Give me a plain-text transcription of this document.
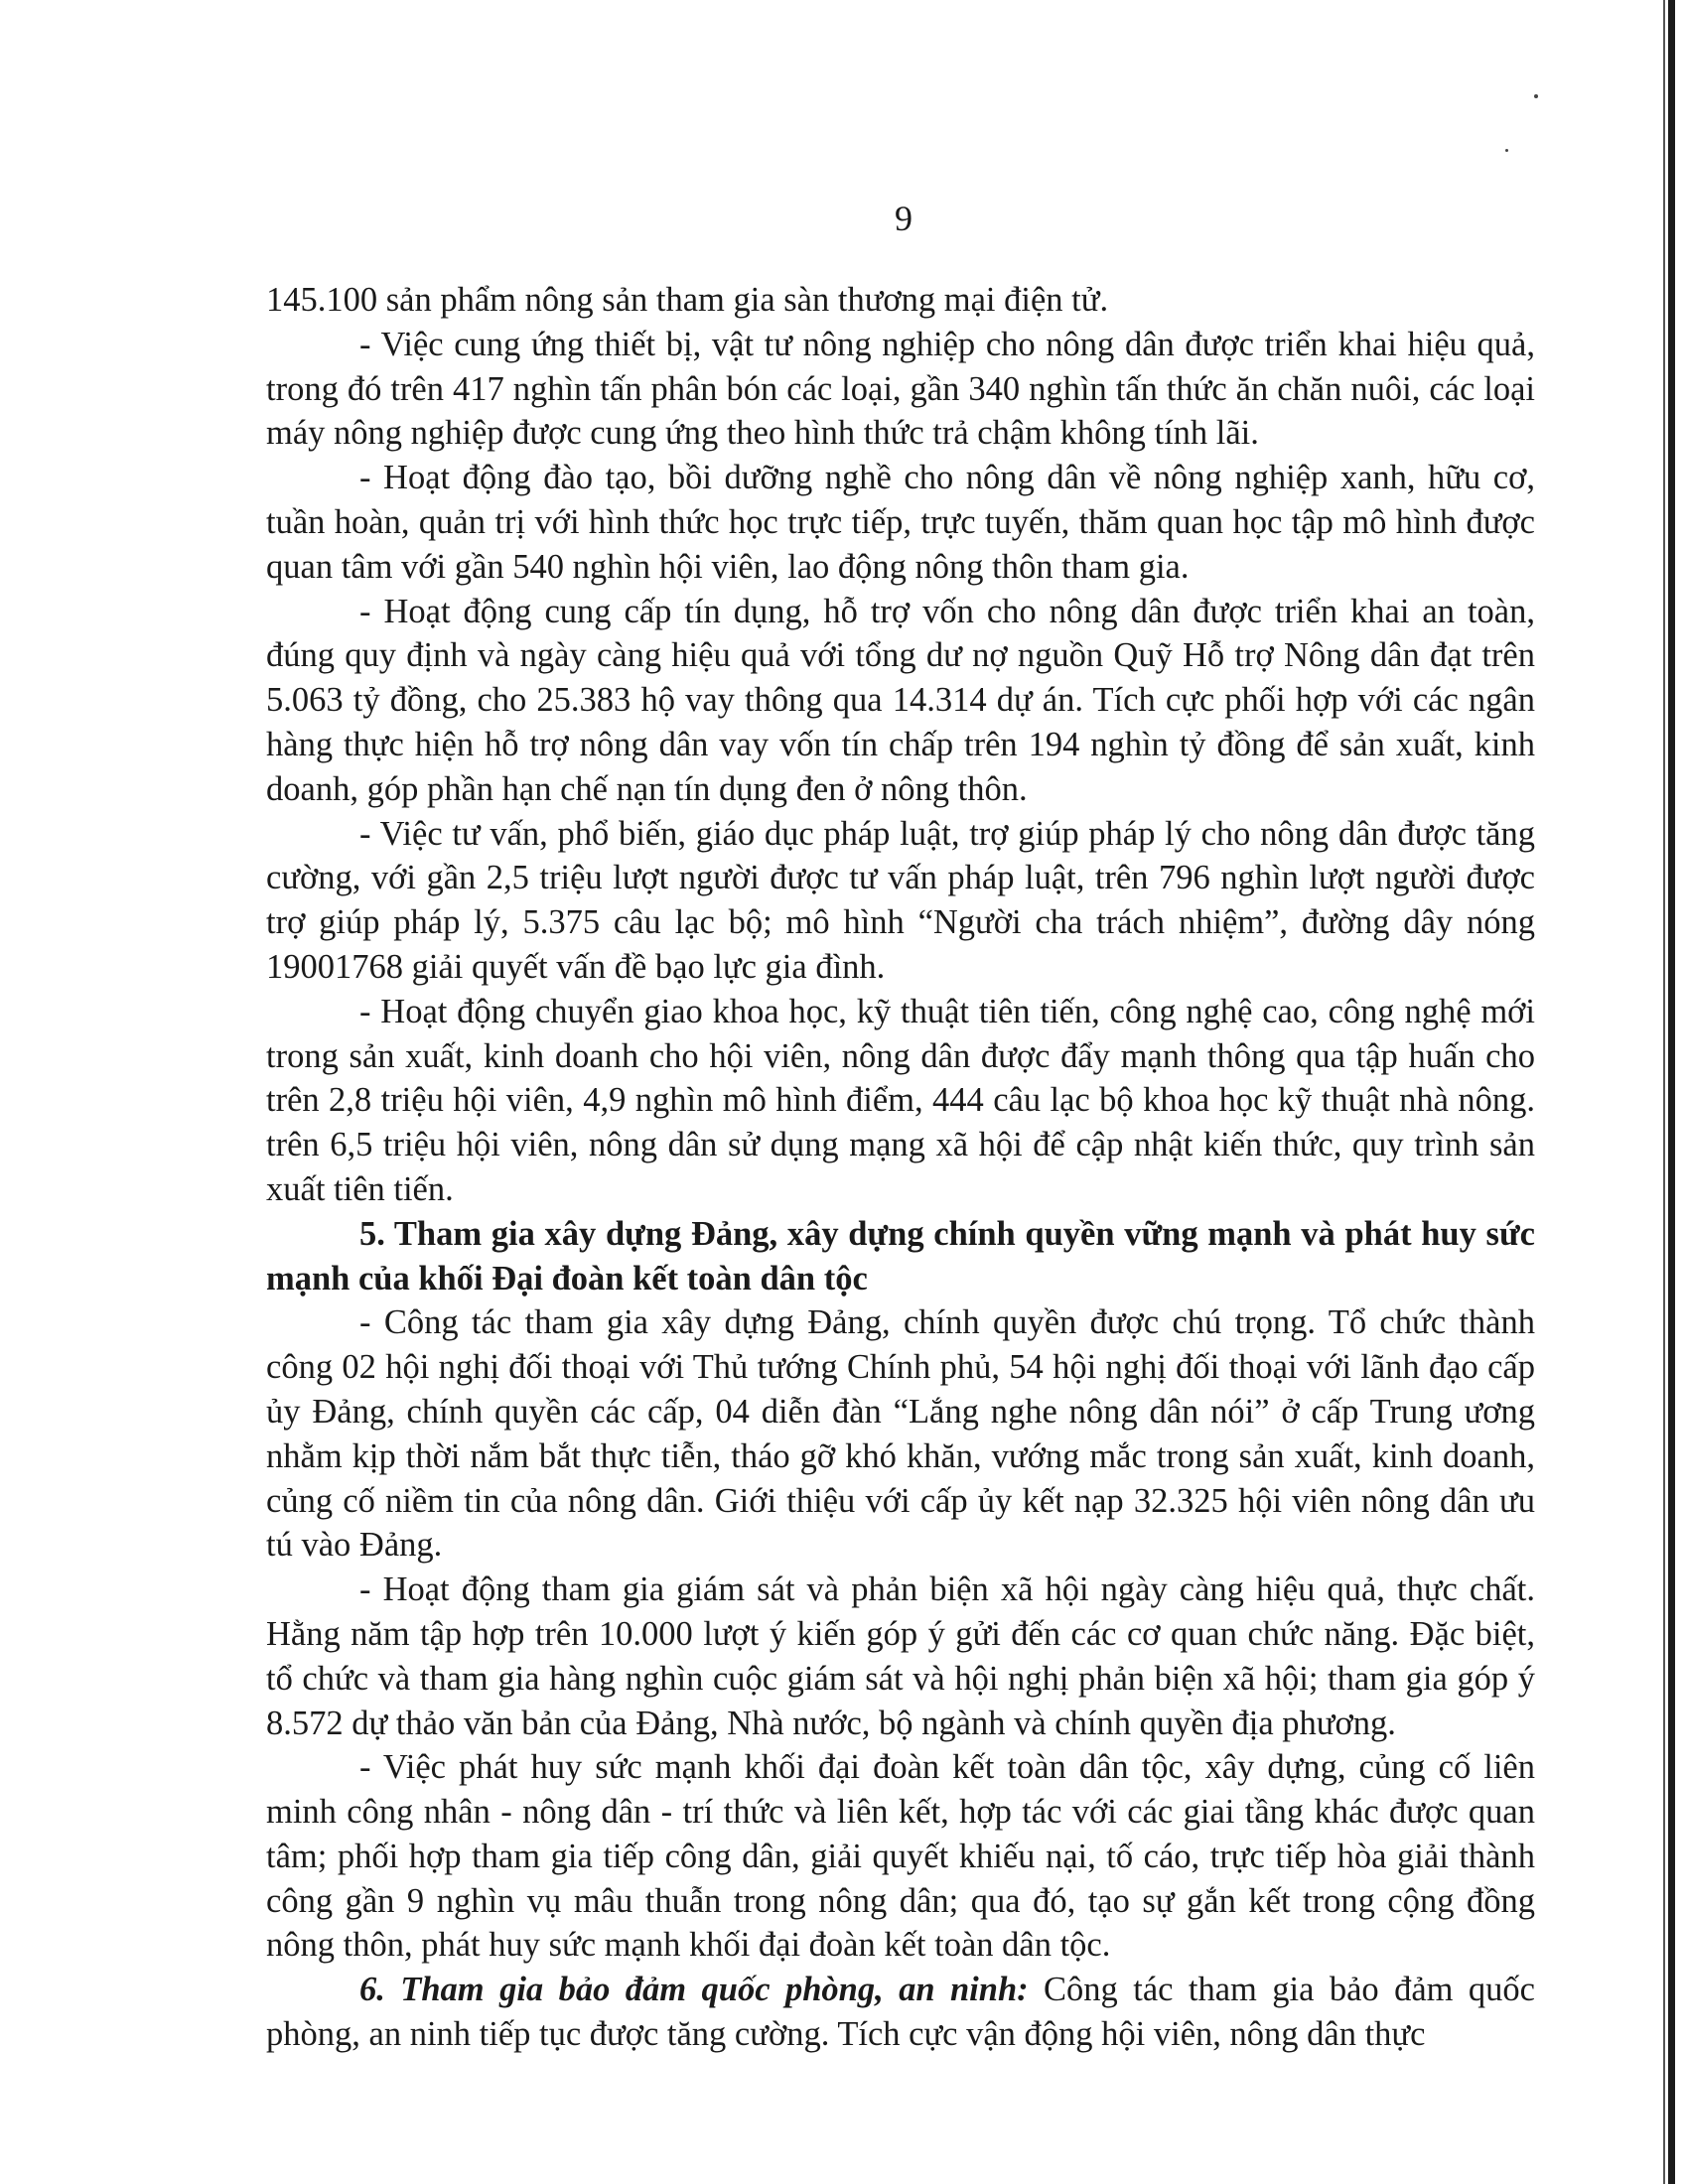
9

145.100 sản phẩm nông sản tham gia sàn thương mại điện tử.

- Việc cung ứng thiết bị, vật tư nông nghiệp cho nông dân được triển khai hiệu quả, trong đó trên 417 nghìn tấn phân bón các loại, gần 340 nghìn tấn thức ăn chăn nuôi, các loại máy nông nghiệp được cung ứng theo hình thức trả chậm không tính lãi.

- Hoạt động đào tạo, bồi dưỡng nghề cho nông dân về nông nghiệp xanh, hữu cơ, tuần hoàn, quản trị với hình thức học trực tiếp, trực tuyến, thăm quan học tập mô hình được quan tâm với gần 540 nghìn hội viên, lao động nông thôn tham gia.

- Hoạt động cung cấp tín dụng, hỗ trợ vốn cho nông dân được triển khai an toàn, đúng quy định và ngày càng hiệu quả với tổng dư nợ nguồn Quỹ Hỗ trợ Nông dân đạt trên 5.063 tỷ đồng, cho 25.383 hộ vay thông qua 14.314 dự án. Tích cực phối hợp với các ngân hàng thực hiện hỗ trợ nông dân vay vốn tín chấp trên 194 nghìn tỷ đồng để sản xuất, kinh doanh, góp phần hạn chế nạn tín dụng đen ở nông thôn.

- Việc tư vấn, phổ biến, giáo dục pháp luật, trợ giúp pháp lý cho nông dân được tăng cường, với gần 2,5 triệu lượt người được tư vấn pháp luật, trên 796 nghìn lượt người được trợ giúp pháp lý, 5.375 câu lạc bộ; mô hình “Người cha trách nhiệm”, đường dây nóng 19001768 giải quyết vấn đề bạo lực gia đình.

- Hoạt động chuyển giao khoa học, kỹ thuật tiên tiến, công nghệ cao, công nghệ mới trong sản xuất, kinh doanh cho hội viên, nông dân được đẩy mạnh thông qua tập huấn cho trên 2,8 triệu hội viên, 4,9 nghìn mô hình điểm, 444 câu lạc bộ khoa học kỹ thuật nhà nông. trên 6,5 triệu hội viên, nông dân sử dụng mạng xã hội để cập nhật kiến thức, quy trình sản xuất tiên tiến.

5. Tham gia xây dựng Đảng, xây dựng chính quyền vững mạnh và phát huy sức mạnh của khối Đại đoàn kết toàn dân tộc

- Công tác tham gia xây dựng Đảng, chính quyền được chú trọng. Tổ chức thành công 02 hội nghị đối thoại với Thủ tướng Chính phủ, 54 hội nghị đối thoại với lãnh đạo cấp ủy Đảng, chính quyền các cấp, 04 diễn đàn “Lắng nghe nông dân nói” ở cấp Trung ương nhằm kịp thời nắm bắt thực tiễn, tháo gỡ khó khăn, vướng mắc trong sản xuất, kinh doanh, củng cố niềm tin của nông dân. Giới thiệu với cấp ủy kết nạp 32.325 hội viên nông dân ưu tú vào Đảng.

- Hoạt động tham gia giám sát và phản biện xã hội ngày càng hiệu quả, thực chất. Hằng năm tập hợp trên 10.000 lượt ý kiến góp ý gửi đến các cơ quan chức năng. Đặc biệt, tổ chức và tham gia hàng nghìn cuộc giám sát và hội nghị phản biện xã hội; tham gia góp ý 8.572 dự thảo văn bản của Đảng, Nhà nước, bộ ngành và chính quyền địa phương.

- Việc phát huy sức mạnh khối đại đoàn kết toàn dân tộc, xây dựng, củng cố liên minh công nhân - nông dân - trí thức và liên kết, hợp tác với các giai tầng khác được quan tâm; phối hợp tham gia tiếp công dân, giải quyết khiếu nại, tố cáo, trực tiếp hòa giải thành công gần 9 nghìn vụ mâu thuẫn trong nông dân; qua đó, tạo sự gắn kết trong cộng đồng nông thôn, phát huy sức mạnh khối đại đoàn kết toàn dân tộc.

6. Tham gia bảo đảm quốc phòng, an ninh: Công tác tham gia bảo đảm quốc phòng, an ninh tiếp tục được tăng cường. Tích cực vận động hội viên, nông dân thực
